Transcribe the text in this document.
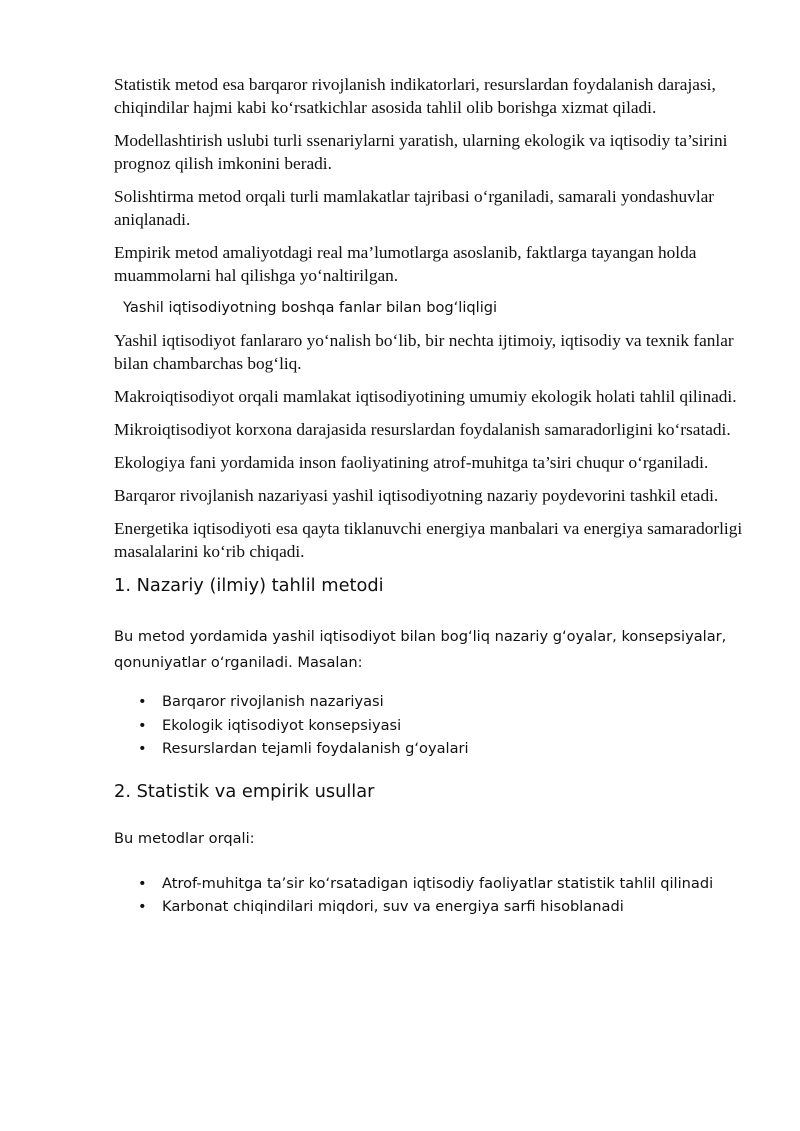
Statistik metod esa barqaror rivojlanish indikatorlari, resurslardan foydalanish darajasi, chiqindilar hajmi kabi ko‘rsatkichlar asosida tahlil olib borishga xizmat qiladi.

Modellashtirish uslubi turli ssenariylarni yaratish, ularning ekologik va iqtisodiy ta’sirini prognoz qilish imkonini beradi.

Solishtirma metod orqali turli mamlakatlar tajribasi o‘rganiladi, samarali yondashuvlar aniqlanadi.

Empirik metod amaliyotdagi real ma’lumotlarga asoslanib, faktlarga tayangan holda muammolarni hal qilishga yo‘naltirilgan.

Yashil iqtisodiyotning boshqa fanlar bilan bog‘liqligi

Yashil iqtisodiyot fanlararo yo‘nalish bo‘lib, bir nechta ijtimoiy, iqtisodiy va texnik fanlar bilan chambarchas bog‘liq.

Makroiqtisodiyot orqali mamlakat iqtisodiyotining umumiy ekologik holati tahlil qilinadi.

Mikroiqtisodiyot korxona darajasida resurslardan foydalanish samaradorligini ko‘rsatadi.

Ekologiya fani yordamida inson faoliyatining atrof-muhitga ta’siri chuqur o‘rganiladi.

Barqaror rivojlanish nazariyasi yashil iqtisodiyotning nazariy poydevorini tashkil etadi.

Energetika iqtisodiyoti esa qayta tiklanuvchi energiya manbalari va energiya samaradorligi masalalarini ko‘rib chiqadi.

1. Nazariy (ilmiy) tahlil metodi

Bu metod yordamida yashil iqtisodiyot bilan bog‘liq nazariy g‘oyalar, konsepsiyalar, qonuniyatlar o‘rganiladi. Masalan:

• Barqaror rivojlanish nazariyasi
• Ekologik iqtisodiyot konsepsiyasi
• Resurslardan tejamli foydalanish g‘oyalari
2. Statistik va empirik usullar

Bu metodlar orqali:

• Atrof-muhitga ta’sir ko‘rsatadigan iqtisodiy faoliyatlar statistik tahlil qilinadi
• Karbonat chiqindilari miqdori, suv va energiya sarfi hisoblanadi
